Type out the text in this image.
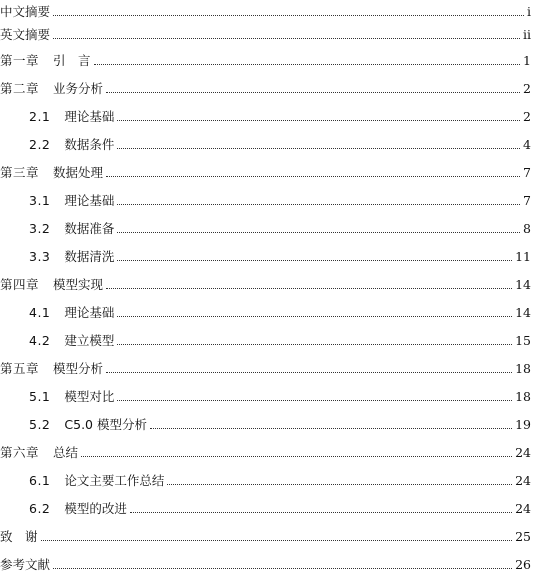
中文摘要	i
英文摘要	ii
第一章 引　言	1
第二章 业务分析	2
2.1 理论基础	2
2.2 数据条件	4
第三章 数据处理	7
3.1 理论基础	7
3.2 数据准备	8
3.3 数据清洗	11
第四章 模型实现	14
4.1 理论基础	14
4.2 建立模型	15
第五章 模型分析	18
5.1 模型对比	18
5.2 C5.0 模型分析	19
第六章 总结	24
6.1 论文主要工作总结	24
6.2 模型的改进	24
致　谢	25
参考文献	26
